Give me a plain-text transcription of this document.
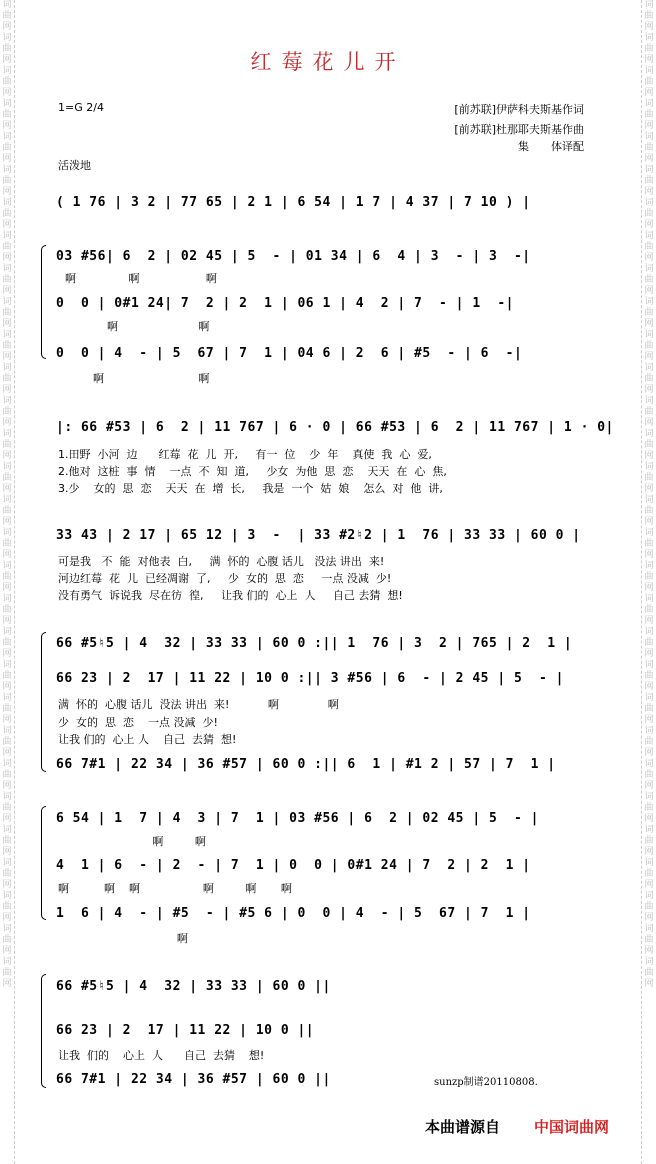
词曲网词曲网词曲网词曲网词曲网词曲网词曲网词曲网词曲网词曲网词曲网词曲网词曲网词曲网词曲网词曲网词曲网词曲网词曲网词曲网词曲网词曲网词曲网词曲网词曲网词曲网词曲网词曲网词曲网词曲网
词曲网词曲网词曲网词曲网词曲网词曲网词曲网词曲网词曲网词曲网词曲网词曲网词曲网词曲网词曲网词曲网词曲网词曲网词曲网词曲网词曲网词曲网词曲网词曲网词曲网词曲网词曲网词曲网词曲网词曲网
红莓花儿开
1=G 2/4	[前苏联]伊萨科夫斯基作词
[前苏联]杜那耶夫斯基作曲
集　　体译配
活泼地
( 1 76 | 3 2 | 77 65 | 2 1 | 6 54 | 1 7 | 4 37 | 7 10 ) |
03 #56| 6  2 | 02 45 | 5  - | 01 34 | 6  4 | 3  - | 3  -|
啊               啊                   啊
0  0 | 0#1 24| 7  2 | 2  1 | 06 1 | 4  2 | 7  - | 1  -|
啊                       啊
0  0 | 4  - | 5  67 | 7  1 | 04 6 | 2  6 | #5  - | 6  -|
啊                           啊
|: 66 #53 | 6  2 | 11 767 | 6 · 0 | 66 #53 | 6  2 | 11 767 | 1 · 0|
1.田野  小河  边      红莓  花  儿  开,     有一  位    少  年    真使  我  心  爱,
2.他对  这桩  事  情    一点  不  知  道,     少女  为他  思  恋    天天  在  心  焦,
3.少    女的  思  恋    天天  在  增  长,     我是  一个  姑  娘    怎么  对  他  讲,
33 43 | 2 17 | 65 12 | 3  -  | 33 #2♮2 | 1  76 | 33 33 | 60 0 |
可是我   不  能  对他表  白,     满  怀的  心腹 话儿   没法 讲出  来!
河边红莓  花  儿  已经凋谢  了,     少  女的  思  恋     一点 没减  少!
没有勇气  诉说我  尽在彷  徨,     让我 们的  心上  人     自己 去猜  想!
66 #5♮5 | 4  32 | 33 33 | 60 0 :|| 1  76 | 3  2 | 765 | 2  1 |
66 23 | 2  17 | 11 22 | 10 0 :|| 3 #56 | 6  - | 2 45 | 5  - |
满  怀的  心腹 话儿  没法 讲出  来!           啊              啊
少  女的  思  恋    一点 没减  少!
让我 们的  心上 人    自己  去猜  想!
66 7#1 | 22 34 | 36 #57 | 60 0 :|| 6  1 | #1 2 | 57 | 7  1 |
6 54 | 1  7 | 4  3 | 7  1 | 03 #56 | 6  2 | 02 45 | 5  - |
啊         啊
4  1 | 6  - | 2  - | 7  1 | 0  0 | 0#1 24 | 7  2 | 2  1 |
啊          啊    啊                  啊         啊       啊
1  6 | 4  - | #5  - | #5 6 | 0  0 | 4  - | 5  67 | 7  1 |
啊
66 #5♮5 | 4  32 | 33 33 | 60 0 ||
66 23 | 2  17 | 11 22 | 10 0 ||
让我  们的    心上  人      自己  去猜    想!
66 7#1 | 22 34 | 36 #57 | 60 0 ||	sunzp制谱20110808.
本曲谱源自 中国词曲网
